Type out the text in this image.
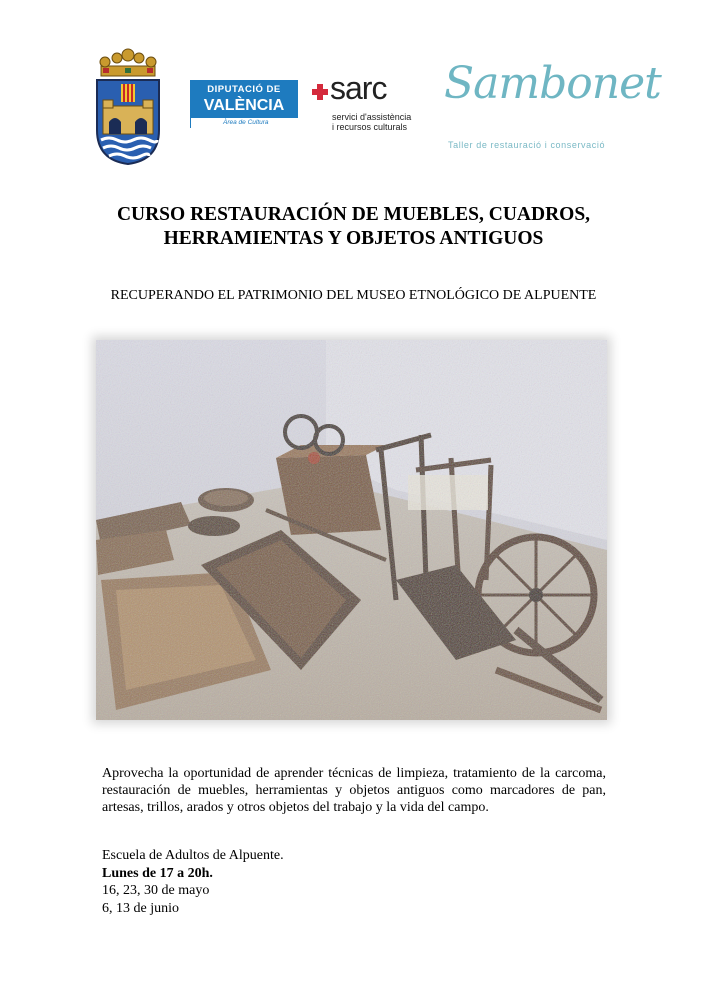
DIPUTACIÓ DE
VALÈNCIA
Àrea de Cultura
sarc
servici d'assistència
i recursos culturals
Sambonet
Taller de restauració i conservació
CURSO RESTAURACIÓN DE MUEBLES, CUADROS,
HERRAMIENTAS Y OBJETOS ANTIGUOS
RECUPERANDO EL PATRIMONIO DEL MUSEO ETNOLÓGICO DE ALPUENTE
Aprovecha la oportunidad de aprender técnicas de limpieza, tratamiento de la carcoma, restauración de muebles, herramientas y objetos antiguos como marcadores de pan, artesas, trillos, arados y otros objetos del trabajo y la vida del campo.
Escuela de Adultos de Alpuente.
Lunes de 17 a 20h.
16, 23, 30 de mayo
6, 13 de junio
